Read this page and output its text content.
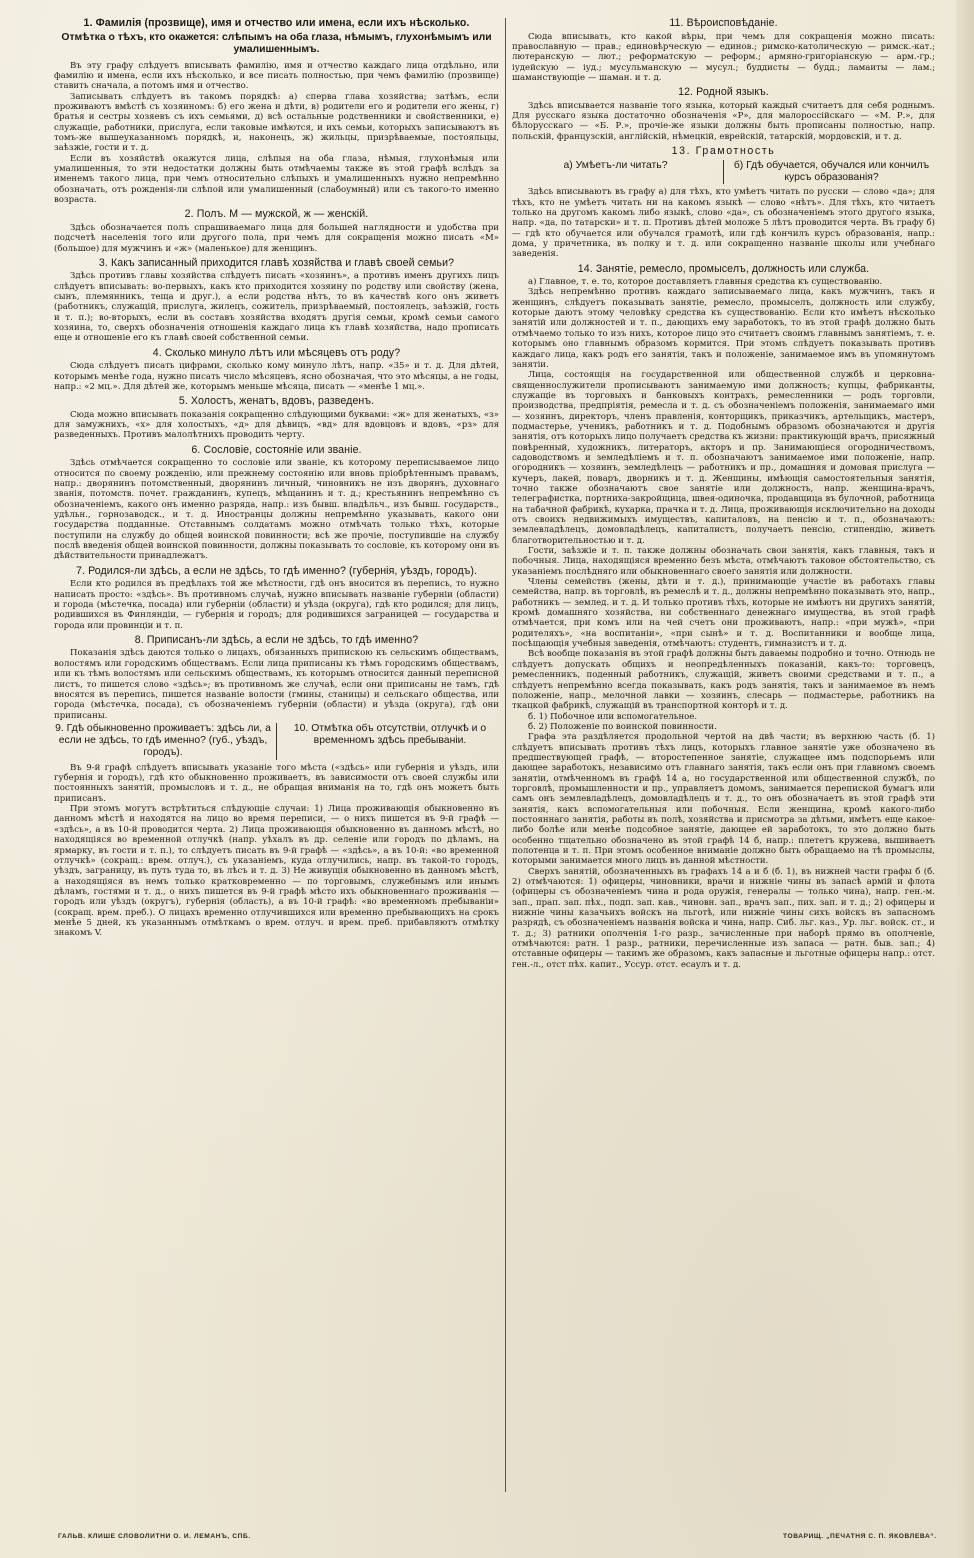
1. Фамилія (прозвище), имя и отчество или имена, если ихъ нѣсколько.
Отмѣтка о тѣхъ, кто окажется: слѣпымъ на оба глаза, нѣмымъ, глухонѣмымъ или умалишеннымъ.

Въ эту графу слѣдуетъ вписывать фамилію, имя и отчество каждаго лица отдѣльно, или фамилію и имена, если ихъ нѣсколько, и все писать полностью, при чемъ фамилію (прозвище) ставить сначала, а потомъ имя и отчество.

Записывать слѣдуетъ въ такомъ порядкѣ: а) сперва глава хозяйства; затѣмъ, если проживаютъ вмѣстѣ съ хозяиномъ: б) его жена и дѣти, в) родители его и родители его жены, г) братья и сестры хозяевъ съ ихъ семьями, д) всѣ остальные родственники и свойственники, е) служащіе, работники, прислуга, если таковые имѣются, и ихъ семьи, которыхъ записываютъ въ томъ-же вышеуказанномъ порядкѣ, и, наконецъ, ж) жильцы, призрѣваемые, постояльцы, заѣзжіе, гости и т. д.

Если въ хозяйствѣ окажутся лица, слѣпыя на оба глаза, нѣмыя, глухонѣмыя или умалишенныя, то эти недостатки должны быть отмѣчаемы также въ этой графѣ вслѣдъ за именемъ такого лица, при чемъ относительно слѣпыхъ и умалишенныхъ нужно непремѣнно обозначать, отъ рожденія-ли слѣпой или умалишенный (слабоумный) или съ такого-то именно возраста.

2. Полъ. М — мужской, ж — женскій.

Здѣсь обозначается полъ спрашиваемаго лица для большей наглядности и удобства при подсчетѣ населенія того или другого пола, при чемъ для сокращенія можно писать «М» (большое) для мужчинъ и «ж» (маленькое) для женщинъ.

3. Какъ записанный приходится главѣ хозяйства и главѣ своей семьи?

Здѣсь противъ главы хозяйства слѣдуетъ писать «хозяинъ», а противъ именъ другихъ лицъ слѣдуетъ вписывать: во-первыхъ, какъ кто приходится хозяину по родству или свойству (жена, сынъ, племянникъ, теща и друг.), а если родства нѣтъ, то въ качествѣ кого онъ живетъ (работникъ, служащій, прислуга, жилецъ, сожитель, призрѣваемый, постоялецъ, заѣзжій, гость и т. п.); во-вторыхъ, если въ составъ хозяйства входятъ другія семьи, кромѣ семьи самого хозяина, то, сверхъ обозначенія отношенія каждаго лица къ главѣ хозяйства, надо прописать еще и отношеніе его къ главѣ своей собственной семьи.

4. Сколько минуло лѣтъ или мѣсяцевъ отъ роду?

Сюда слѣдуетъ писать цифрами, сколько кому минуло лѣтъ, напр. «35» и т. д. Для дѣтей, которымъ менѣе года, нужно писать число мѣсяцевъ, ясно обозначая, что это мѣсяцы, а не годы, напр.: «2 мц.». Для дѣтей же, которымъ меньше мѣсяца, писать — «менѣе 1 мц.».

5. Холостъ, женатъ, вдовъ, разведенъ.

Сюда можно вписывать показанія сокращенно слѣдующими буквами: «ж» для женатыхъ, «з» для замужнихъ, «х» для холостыхъ, «д» для дѣвицъ, «вд» для вдовцовъ и вдовъ, «рз» для разведенныхъ. Противъ малолѣтнихъ проводить черту.

6. Сословіе, состояніе или званіе.

Здѣсь отмѣчается сокращенно то сословіе или званіе, къ которому переписываемое лицо относится по своему рожденію, или прежнему состоянію или вновь пріобрѣтеннымъ правамъ, напр.: дворянинъ потомственный, дворянинъ личный, чиновникъ не изъ дворянъ, духовнаго званія, потомств. почет. гражданинъ, купецъ, мѣщанинъ и т. д.; крестьянинъ непремѣнно съ обозначеніемъ, какого онъ именно разряда, напр.: изъ бывш. владѣльч., изъ бывш. государств., удѣльн., горнозаводск., и т. д. Иностранцы должны непремѣнно указывать, какого они государства подданные. Отставнымъ солдатамъ можно отмѣчать только тѣхъ, которые поступили на службу до общей воинской повинности; всѣ же прочіе, поступившіе на службу послѣ введенія общей воинской повинности, должны показывать то сословіе, къ которому они въ дѣйствительности принадлежатъ.

7. Родился-ли здѣсь, а если не здѣсь, то гдѣ именно? (губернія, уѣздъ, городъ).

Если кто родился въ предѣлахъ той же мѣстности, гдѣ онъ вносится въ перепись, то нужно написать просто: «здѣсь». Въ противномъ случаѣ, нужно вписывать названіе губерніи (области) и города (мѣстечка, посада) или губерніи (области) и уѣзда (округа), гдѣ кто родился; для лицъ, родившихся въ Финляндіи, — губернія и городъ; для родившихся заграницей — государства и города или провинціи и т. п.

8. Приписанъ-ли здѣсь, а если не здѣсь, то гдѣ именно?

Показанія здѣсь даются только о лицахъ, обязанныхъ припискою къ сельскимъ обществамъ, волостямъ или городскимъ обществамъ. Если лица приписаны къ тѣмъ городскимъ обществамъ, или къ тѣмъ волостямъ или сельскимъ обществамъ, къ которымъ относится данный переписной листъ, то пишется слово «здѣсь»; въ противномъ же случаѣ, если они приписаны не тамъ, гдѣ вносятся въ перепись, пишется названіе волости (гмины, станицы) и сельскаго общества, или города (мѣстечка, посада), съ обозначеніемъ губерніи (области) и уѣзда (округа), гдѣ они приписаны.

9. Гдѣ обыкновенно проживаетъ: здѣсь ли, а если не здѣсь, то гдѣ именно? (губ., уѣздъ, городъ).
10. Отмѣтка объ отсутствіи, отлучкѣ и о временномъ здѣсь пребываніи.

Въ 9-й графѣ слѣдуетъ вписывать указаніе того мѣста («здѣсь» или губернія и уѣздъ, или губернія и городъ), гдѣ кто обыкновенно проживаетъ, въ зависимости отъ своей службы или постоянныхъ занятій, промысловъ и т. д., не обращая вниманія на то, гдѣ онъ можетъ быть приписанъ.

При этомъ могутъ встрѣтиться слѣдующіе случаи: 1) Лица проживающія обыкновенно въ данномъ мѣстѣ и находятся на лицо во время переписи, — о нихъ пишется въ 9-й графѣ — «здѣсь», а въ 10-й проводится черта. 2) Лица проживающія обыкновенно въ данномъ мѣстѣ, но находящіяся во временной отлучкѣ (напр. уѣхалъ въ др. селеніе или городъ по дѣламъ, на ярмарку, въ гости и т. п.), то слѣдуетъ писать въ 9-й графѣ — «здѣсь», а въ 10-й: «во временной отлучкѣ» (сокращ.: врем. отлуч.), съ указаніемъ, куда отлучились, напр. въ такой-то городъ, уѣздъ, заграницу, въ путь туда то, въ лѣсъ и т. д. 3) Не живущія обыкновенно въ данномъ мѣстѣ, а находящіяся въ немъ только кратковременно — по торговымъ, служебнымъ или инымъ дѣламъ, гостями и т. д., о нихъ пишется въ 9-й графѣ мѣсто ихъ обыкновеннаго проживанія — городъ или уѣздъ (округъ), губернія (область), а въ 10-й графѣ: «во временномъ пребываніи» (сокращ. врем. преб.). О лицахъ временно отлучившихся или временно пребывающихъ на срокъ менѣе 5 дней, къ указаннымъ отмѣткамъ о врем. отлуч. и врем. преб. прибавляютъ отмѣтку знакомъ V.

11. Вѣроисповѣданіе.

Сюда вписывать, кто какой вѣры, при чемъ для сокращенія можно писать: православную — прав.; единовѣрческую — единов.; римско-католическую — римск.-кат.; лютеранскую — лют.; реформатскую — реформ.; армяно-григоріанскую — арм.-гр.; іудейскую — іуд.; мусульманскую — мусул.; буддисты — будд.; ламаиты — лам.; шаманствующіе — шаман. и т. д.

12. Родной языкъ.

Здѣсь вписывается названіе того языка, который каждый считаетъ для себя роднымъ. Для русскаго языка достаточно обозначенія «Р», для малороссійскаго — «М. Р.», для бѣлорусскаго — «Б. Р.», прочіе-же языки должны быть прописаны полностью, напр. польскій, французскій, англійскій, нѣмецкій, еврейскій, татарскій, мордовскій, и т. д.

13. Грамотность
а) Умѣетъ-ли читать?	б) Гдѣ обучается, обучался или кончилъ курсъ образованія?

Здѣсь вписываютъ въ графу а) для тѣхъ, кто умѣетъ читать по русски — слово «да»; для тѣхъ, кто не умѣетъ читать ни на какомъ языкѣ — слово «нѣтъ». Для тѣхъ, кто читаетъ только на другомъ какомъ либо языкѣ, слово «да», съ обозначеніемъ этого другого языка, напр. «да, по татарски» и т. п. Противъ дѣтей моложе 5 лѣтъ проводится черта. Въ графу б) — гдѣ кто обучается или обучался грамотѣ, или гдѣ кончилъ курсъ образованія, напр.: дома, у причетника, въ полку и т. д. или сокращенно названіе школы или учебнаго заведенія.

14. Занятіе, ремесло, промыселъ, должность или служба.

а) Главное, т. е. то, которое доставляетъ главныя средства къ существованію.

Здѣсь непремѣнно противъ каждаго записываемаго лица, какъ мужчинъ, такъ и женщинъ, слѣдуетъ показывать занятіе, ремесло, промыселъ, должность или службу, которые даютъ этому человѣку средства къ существованію. Если кто имѣетъ нѣсколько занятій или должностей и т. п., дающихъ ему заработокъ, то въ этой графѣ должно быть отмѣчаемо только то изъ нихъ, которое лицо это считаетъ своимъ главнымъ занятіемъ, т. е. которымъ оно главнымъ образомъ кормится. При этомъ слѣдуетъ показывать противъ каждаго лица, какъ родъ его занятія, такъ и положеніе, занимаемое имъ въ упомянутомъ занятіи.

Лица, состоящія на государственной или общественной службѣ и церковна-священнослужители прописываютъ занимаемую ими должность; купцы, фабриканты, служащіе въ торговыхъ и банковыхъ контрахъ, ремесленники — родъ торговли, производства, предпріятія, ремесла и т. д. съ обозначеніемъ положенія, занимаемаго ими — хозяинъ, директоръ, членъ правленія, конторщикъ, приказчикъ, артельщикъ, мастеръ, подмастерье, ученикъ, работникъ и т. д. Подобнымъ образомъ обозначаются и другія занятія, отъ которыхъ лицо получаетъ средства къ жизни: практикующій врачъ, присяжный повѣренный, художникъ, литераторъ, акторъ и пр. Занимающіеся огородничествомъ, садоводствомъ и земледѣліемъ и т. п. обозначаютъ занимаемое ими положеніе, напр. огородникъ — хозяинъ, земледѣлецъ — работникъ и пр., домашняя и домовая прислуга — кучеръ, лакей, поваръ, дворникъ и т. д. Женщины, имѣющія самостоятельныя занятія, точно также обозначаютъ свое занятіе или должность, напр. женщина-врачъ, телеграфистка, портниха-закройщица, швея-одиночка, продавщица въ булочной, работница на табачной фабрикѣ, кухарка, прачка и т. д. Лица, проживающія исключительно на доходы отъ своихъ недвижимыхъ имуществъ, капиталовъ, на пенсію и т. п., обозначаютъ: землевладѣлецъ, домовладѣлецъ, капиталистъ, получаетъ пенсію, стипендію, живетъ благотворительностью и т. д.

Гости, заѣзжіе и т. п. также должны обозначать свои занятія, какъ главныя, такъ и побочныя. Лица, находящіяся временно безъ мѣста, отмѣчаютъ таковое обстоятельство, съ указаніемъ послѣдняго или обыкновеннаго своего занятія или должности.

Члены семействъ (жены, дѣти и т. д.), принимающіе участіе въ работахъ главы семейства, напр. въ торговлѣ, въ ремеслѣ и т. д., должны непремѣнно показывать это, напр., работникъ — землед. и т. д. И только противъ тѣхъ, которые не имѣютъ ни другихъ занятій, кромѣ домашняго хозяйства, ни собственнаго денежнаго имущества, въ этой графѣ отмѣчается, при комъ или на чей счетъ они проживаютъ, напр.: «при мужѣ», «при родителяхъ», «на воспитаніи», «при сынѣ» и т. д. Воспитанники и вообще лица, посѣщающія учебныя заведенія, отмѣчаютъ: студентъ, гимназистъ и т. д.

Всѣ вообще показанія въ этой графѣ должны быть даваемы подробно и точно. Отнюдь не слѣдуетъ допускать общихъ и неопредѣленныхъ показаній, какъ-то: торговецъ, ремесленникъ, поденный работникъ, служащій, живетъ своими средствами и т. п., а слѣдуетъ непремѣнно всегда показывать, какъ родъ занятія, такъ и занимаемое въ немъ положеніе, напр., мелочной лавки — хозяинъ, слесарь — подмастерье, работникъ на ткацкой фабрикѣ, служащій въ транспортной конторѣ и т. д.

б. 1) Побочное или вспомогательное.

б. 2) Положеніе по воинской повинности.

Графа эта раздѣляется продольной чертой на двѣ части; въ верхнюю часть (б. 1) слѣдуетъ вписывать противъ тѣхъ лицъ, которыхъ главное занятіе уже обозначено въ предшествующей графѣ, — второстепенное занятіе, служащее имъ подспорьемъ или дающее заработокъ, независимо отъ главнаго занятія, такъ если онъ при главномъ своемъ занятіи, отмѣченномъ въ графѣ 14 а, но государственной или общественной службѣ, по торговлѣ, промышленности и пр., управляетъ домомъ, занимается перепиской бумагъ или самъ онъ землевладѣлецъ, домовладѣлецъ и т. д., то онъ обозначаетъ въ этой графѣ эти занятія, какъ вспомогательныя или побочныя. Если женщина, кромѣ какого-либо постояннаго занятія, работы въ полѣ, хозяйства и присмотра за дѣтьми, имѣетъ еще какое-либо болѣе или менѣе подсобное занятіе, дающее ей заработокъ, то это должно быть особенно тщательно обозначено въ этой графѣ 14 б, напр.: плететъ кружева, вышиваетъ полотенца и т. п. При этомъ особенное вниманіе должно быть обращаемо на тѣ промыслы, которыми занимается много лицъ въ данной мѣстности.

Сверхъ занятій, обозначенныхъ въ графахъ 14 а и б (б. 1), въ нижней части графы б (б. 2) отмѣчаются: 1) офицеры, чиновники, врачи и нижніе чины въ запасѣ армій и флота (офицеры съ обозначеніемъ чина и рода оружія, генералы — только чина), напр. ген.-м. зап., прап. зап. пѣх., подп. зап. кав., чиновн. зап., врачъ зап., пих. зап. и т. д.; 2) офицеры и нижніе чины казачьихъ войскъ на льготѣ, или нижніе чины сихъ войскъ въ запасномъ разрядѣ, съ обозначеніемъ названія войска и чина, напр. Сиб. льг. каз., Ур. льг. войск. ст., и т. д.; 3) ратники ополченія 1-го разр., зачисленные при наборѣ прямо въ ополченіе, отмѣчаются: ратн. 1 разр., ратники, перечисленные изъ запаса — ратн. быв. зап.; 4) отставные офицеры — такимъ же образомъ, какъ запасные и льготные офицеры напр.: отст. ген.-л., отст пѣх. капит., Уссур. отст. есаулъ и т. д.

ГАЛЬВ. КЛИШЕ СЛОВОЛИТНИ О. И. ЛЕМАНЪ, СПБ.	ТОВАРИЩ. „ПЕЧАТНЯ С. П. ЯКОВЛЕВА“.
